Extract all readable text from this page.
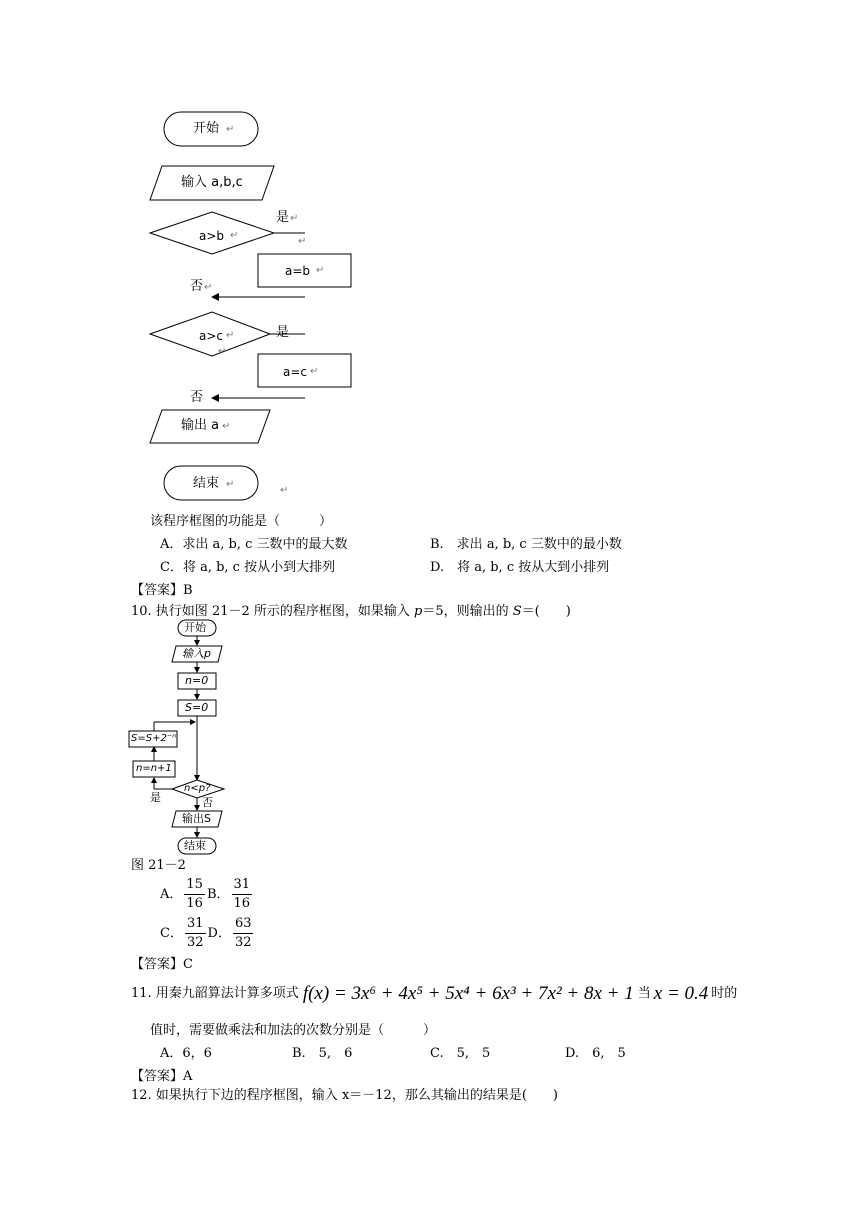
开始 ↵
输入 a,b,c
a>b ↵
是 ↵
↵
a=b ↵
否 ↵
a>c ↵
↵
是
a=c ↵
否
输出 a ↵
结束 ↵
↵
该程序框图的功能是（　　　）
A．求出 a, b, c 三数中的最大数	B.　求出 a, b, c 三数中的最小数
C．将 a, b, c 按从小到大排列	D.　将 a, b, c 按从大到小排列
【答案】B
10. 执行如图 21－2 所示的程序框图，如果输入 p＝5，则输出的 S＝(　　)
开始
输入p
n=0
S=0
S=S+2⁻ⁿ
n=n+1
n<p?
是	否
输出S
结束
图 21－2
A． $\frac{15}{16}$ B． $\frac{31}{16}$
C． $\frac{31}{32}$ D． $\frac{63}{32}$
【答案】C
11. 用秦九韶算法计算多项式 f(x) = 3x⁶ + 4x⁵ + 5x⁴ + 6x³ + 7x² + 8x + 1 当 x = 0.4 时的
值时，需要做乘法和加法的次数分别是（　　　）
A．6，6	B.　5,　6	C.　5,　5	D.　6,　5
【答案】A
12. 如果执行下边的程序框图，输入 x＝－12，那么其输出的结果是(　　)
